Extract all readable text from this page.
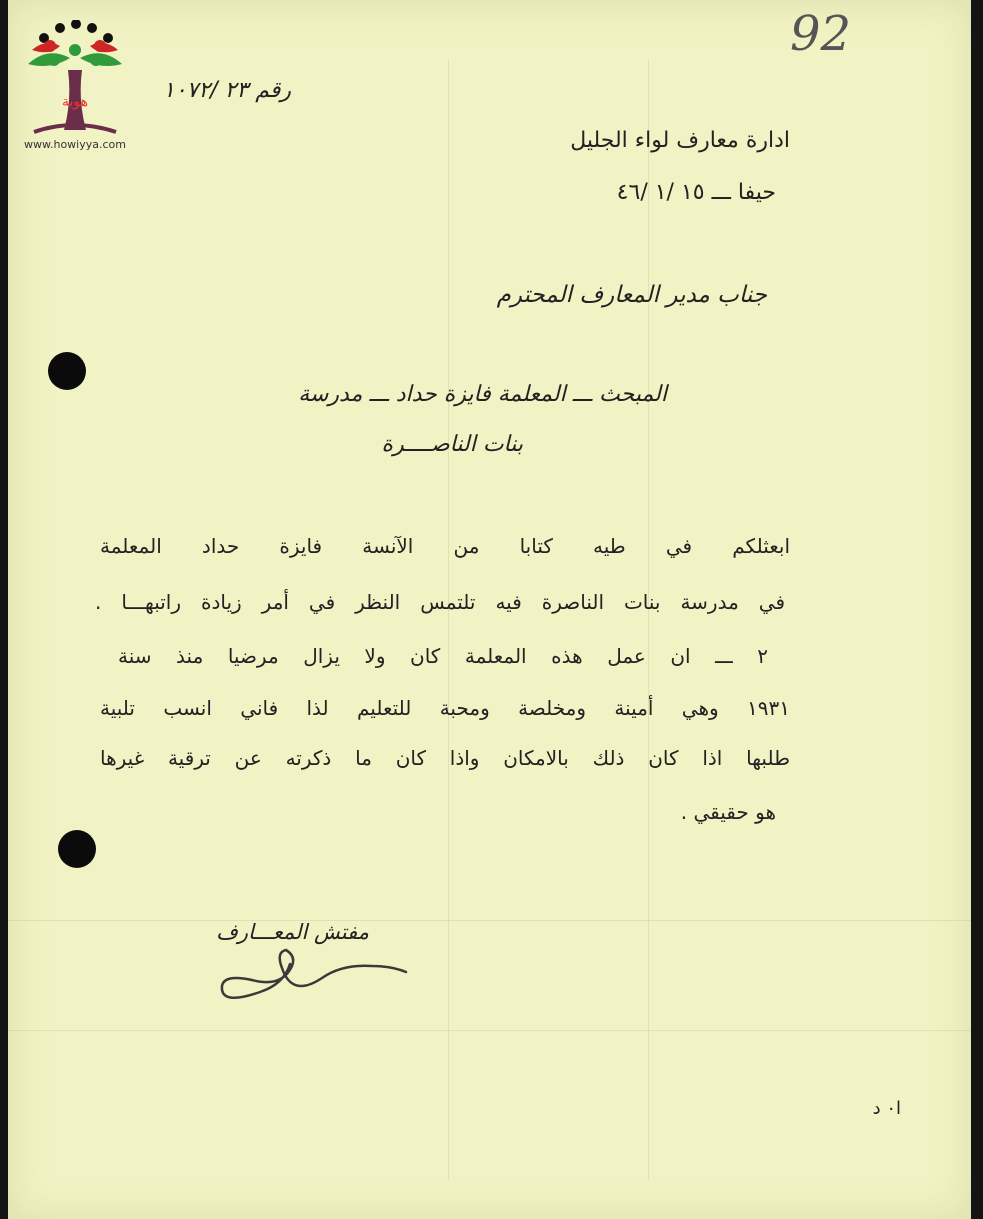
هوية
www.howiyya.com
92
رقم ٢٣ /١٠٧٢
ادارة معارف لواء الجليل
حيفا ـــ ١٥ /١ /٤٦
جناب مدير المعارف المحترم
المبحث ـــ المعلمة فايزة حداد ـــ مدرسة
بنات الناصــــرة
ابعثلكم في طيه كتابا من الآنسة فايزة حداد المعلمة
في مدرسة بنات الناصرة فيه تلتمس النظر في أمر زيادة راتبهـــا .
٢ ـــ ان عمل هذه المعلمة كان ولا يزال مرضيا منذ سنة
١٩٣١ وهي أمينة ومخلصة ومحبة للتعليم لذا فاني انسب تلبية
طلبها اذا كان ذلك بالامكان واذا كان ما ذكرته عن ترقية غيرها
هو حقيقي .
مفتش المعـــارف
ا٠ د
